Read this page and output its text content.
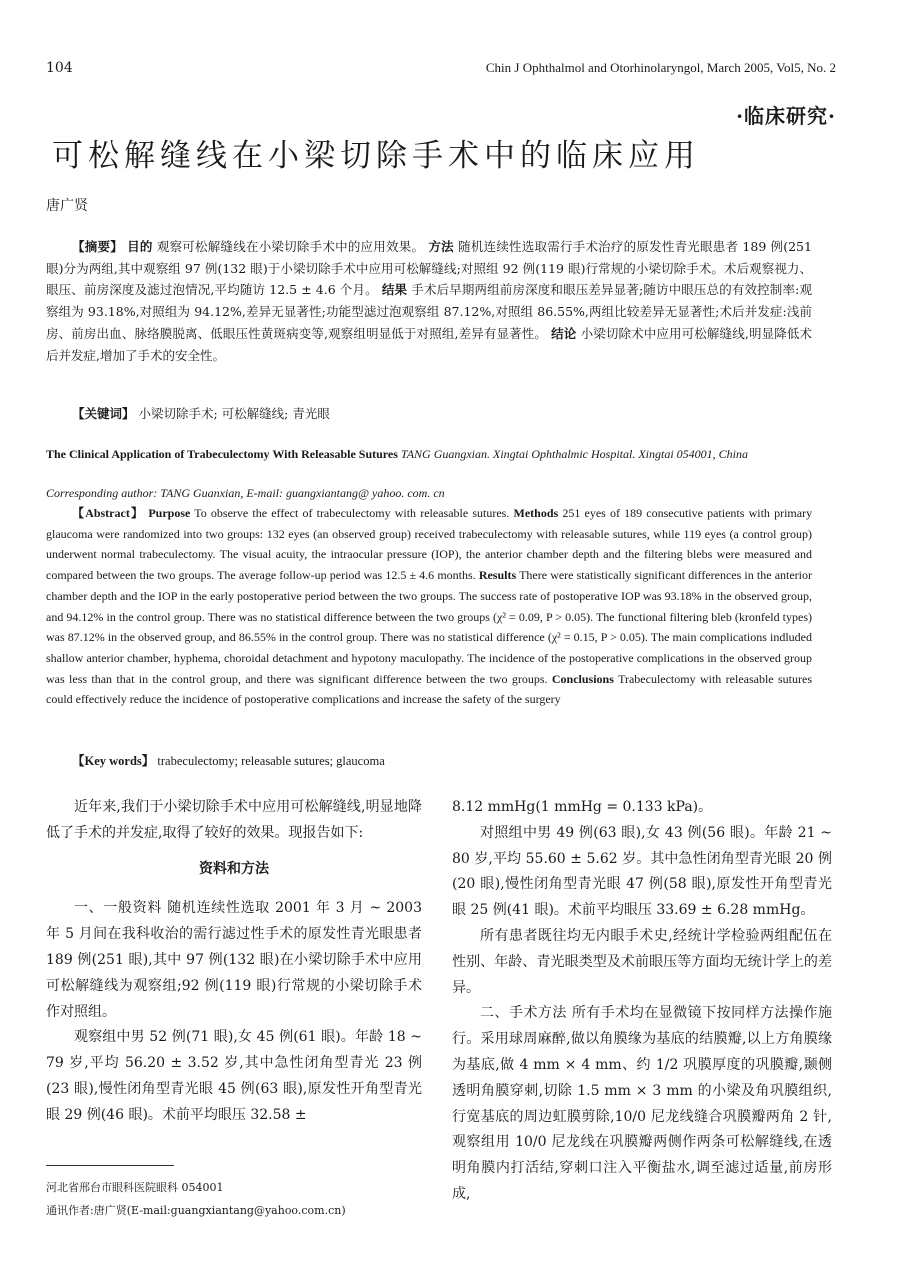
104	Chin J Ophthalmol and Otorhinolaryngol, March 2005, Vol5, No. 2
·临床研究·
可松解缝线在小梁切除手术中的临床应用
唐广贤

【摘要】 目的 观察可松解缝线在小梁切除手术中的应用效果。 方法 随机连续性选取需行手术治疗的原发性青光眼患者 189 例(251 眼)分为两组,其中观察组 97 例(132 眼)于小梁切除手术中应用可松解缝线;对照组 92 例(119 眼)行常规的小梁切除手术。术后观察视力、眼压、前房深度及滤过泡情况,平均随访 12.5 ± 4.6 个月。 结果 手术后早期两组前房深度和眼压差异显著;随访中眼压总的有效控制率:观察组为 93.18%,对照组为 94.12%,差异无显著性;功能型滤过泡观察组 87.12%,对照组 86.55%,两组比较差异无显著性;术后并发症:浅前房、前房出血、脉络膜脱离、低眼压性黄斑病变等,观察组明显低于对照组,差异有显著性。 结论 小梁切除术中应用可松解缝线,明显降低术后并发症,增加了手术的安全性。

【关键词】 小梁切除手术; 可松解缝线; 青光眼
The Clinical Application of Trabeculectomy With Releasable Sutures TANG Guangxian. Xingtai Ophthalmic Hospital. Xingtai 054001, China
Corresponding author: TANG Guanxian, E-mail: guangxiantang@ yahoo. com. cn

【Abstract】 Purpose To observe the effect of trabeculectomy with releasable sutures. Methods 251 eyes of 189 consecutive patients with primary glaucoma were randomized into two groups: 132 eyes (an observed group) received trabeculectomy with releasable sutures, while 119 eyes (a control group) underwent normal trabeculectomy. The visual acuity, the intraocular pressure (IOP), the anterior chamber depth and the filtering blebs were measured and compared between the two groups. The average follow-up period was 12.5 ± 4.6 months. Results There were statistically significant differences in the anterior chamber depth and the IOP in the early postoperative period between the two groups. The success rate of postoperative IOP was 93.18% in the observed group, and 94.12% in the control group. There was no statistical difference between the two groups (χ² = 0.09, P > 0.05). The functional filtering bleb (kronfeld types) was 87.12% in the observed group, and 86.55% in the control group. There was no statistical difference (χ² = 0.15, P > 0.05). The main complications indluded shallow anterior chamber, hyphema, choroidal detachment and hypotony maculopathy. The incidence of the postoperative complications in the observed group was less than that in the control group, and there was significant difference between the two groups. Conclusions Trabeculectomy with releasable sutures could effectively reduce the incidence of postoperative complications and increase the safety of the surgery

【Key words】 trabeculectomy; releasable sutures; glaucoma

近年来,我们于小梁切除手术中应用可松解缝线,明显地降低了手术的并发症,取得了较好的效果。现报告如下:

资料和方法

一、一般资料 随机连续性选取 2001 年 3 月 ~ 2003 年 5 月间在我科收治的需行滤过性手术的原发性青光眼患者 189 例(251 眼),其中 97 例(132 眼)在小梁切除手术中应用可松解缝线为观察组;92 例(119 眼)行常规的小梁切除手术作对照组。

观察组中男 52 例(71 眼),女 45 例(61 眼)。年龄 18 ~ 79 岁,平均 56.20 ± 3.52 岁,其中急性闭角型青光 23 例(23 眼),慢性闭角型青光眼 45 例(63 眼),原发性开角型青光眼 29 例(46 眼)。术前平均眼压 32.58 ±

8.12 mmHg(1 mmHg = 0.133 kPa)。

对照组中男 49 例(63 眼),女 43 例(56 眼)。年龄 21 ~ 80 岁,平均 55.60 ± 5.62 岁。其中急性闭角型青光眼 20 例(20 眼),慢性闭角型青光眼 47 例(58 眼),原发性开角型青光眼 25 例(41 眼)。术前平均眼压 33.69 ± 6.28 mmHg。

所有患者既往均无内眼手术史,经统计学检验两组配伍在性别、年龄、青光眼类型及术前眼压等方面均无统计学上的差异。

二、手术方法 所有手术均在显微镜下按同样方法操作施行。采用球周麻醉,做以角膜缘为基底的结膜瓣,以上方角膜缘为基底,做 4 mm × 4 mm、约 1/2 巩膜厚度的巩膜瓣,颞侧透明角膜穿刺,切除 1.5 mm × 3 mm 的小梁及角巩膜组织,行宽基底的周边虹膜剪除,10/0 尼龙线缝合巩膜瓣两角 2 针,观察组用 10/0 尼龙线在巩膜瓣两侧作两条可松解缝线,在透明角膜内打活结,穿刺口注入平衡盐水,调至滤过适量,前房形成,

河北省邢台市眼科医院眼科 054001
通讯作者:唐广贤(E-mail:guangxiantang@yahoo.com.cn)
